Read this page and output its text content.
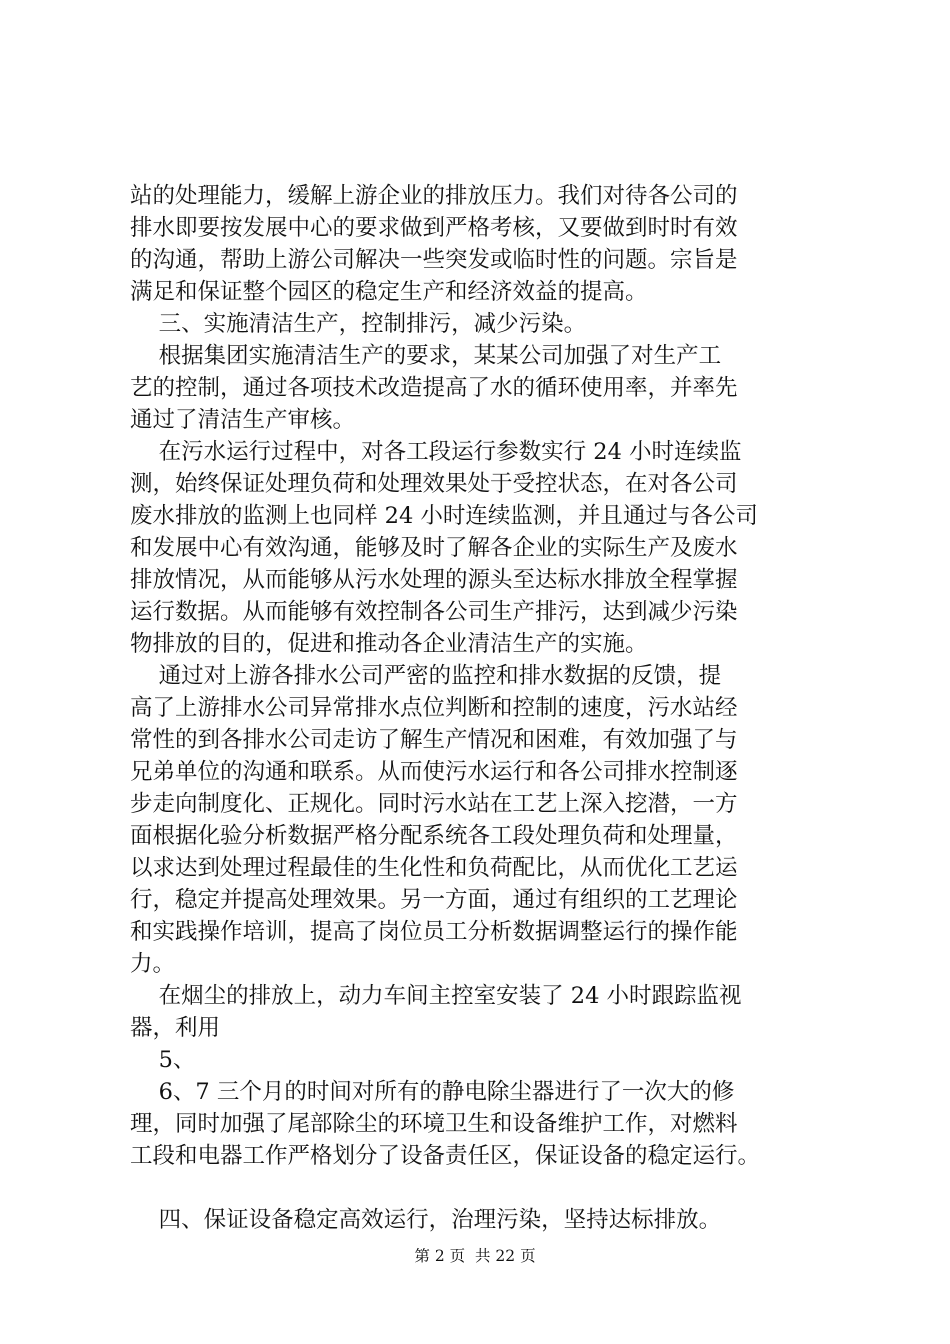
站的处理能力，缓解上游企业的排放压力。我们对待各公司的
排水即要按发展中心的要求做到严格考核，又要做到时时有效
的沟通，帮助上游公司解决一些突发或临时性的问题。宗旨是
满足和保证整个园区的稳定生产和经济效益的提高。
三、实施清洁生产，控制排污，减少污染。
根据集团实施清洁生产的要求，某某公司加强了对生产工
艺的控制，通过各项技术改造提高了水的循环使用率，并率先
通过了清洁生产审核。
在污水运行过程中，对各工段运行参数实行 24 小时连续监
测，始终保证处理负荷和处理效果处于受控状态，在对各公司
废水排放的监测上也同样 24 小时连续监测，并且通过与各公司
和发展中心有效沟通，能够及时了解各企业的实际生产及废水
排放情况，从而能够从污水处理的源头至达标水排放全程掌握
运行数据。从而能够有效控制各公司生产排污，达到减少污染
物排放的目的，促进和推动各企业清洁生产的实施。
通过对上游各排水公司严密的监控和排水数据的反馈，提
高了上游排水公司异常排水点位判断和控制的速度，污水站经
常性的到各排水公司走访了解生产情况和困难，有效加强了与
兄弟单位的沟通和联系。从而使污水运行和各公司排水控制逐
步走向制度化、正规化。同时污水站在工艺上深入挖潜，一方
面根据化验分析数据严格分配系统各工段处理负荷和处理量，
以求达到处理过程最佳的生化性和负荷配比，从而优化工艺运
行，稳定并提高处理效果。另一方面，通过有组织的工艺理论
和实践操作培训，提高了岗位员工分析数据调整运行的操作能
力。
在烟尘的排放上，动力车间主控室安装了 24 小时跟踪监视
器，利用
5、
6、7 三个月的时间对所有的静电除尘器进行了一次大的修
理，同时加强了尾部除尘的环境卫生和设备维护工作，对燃料
工段和电器工作严格划分了设备责任区，保证设备的稳定运行。
四、保证设备稳定高效运行，治理污染，坚持达标排放。
第 2 页  共 22 页
